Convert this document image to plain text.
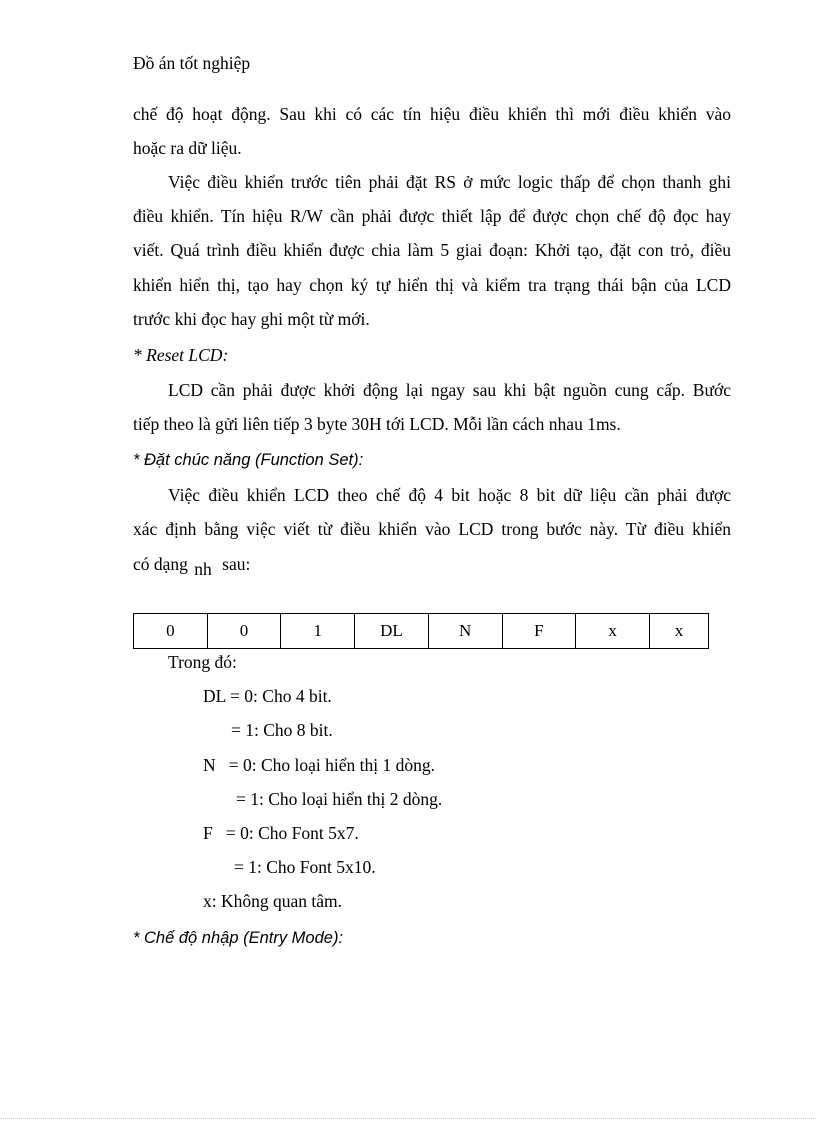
Đồ án tốt nghiệp
chế độ hoạt động. Sau khi có các tín hiệu điều khiển thì mới điều khiển vào
hoặc ra dữ liệu.
Việc điều khiển trước tiên phải đặt RS ở mức logic thấp để chọn thanh ghi
điều khiển. Tín hiệu R/W cần phải được thiết lập để được chọn chế độ đọc hay
viết. Quá trình điều khiển được chia làm 5 giai đoạn: Khởi tạo, đặt con trỏ, điều
khiển hiển thị, tạo hay chọn ký tự hiển thị và kiểm tra trạng thái bận của LCD
trước khi đọc hay ghi một từ mới.
* Reset LCD:
LCD cần phải được khởi động lại ngay sau khi bật nguồn cung cấp. Bước
tiếp theo là gửi liên tiếp 3 byte 30H tới LCD. Mỗi lần cách nhau 1ms.
* Đặt chúc năng (Function Set):
Việc điều khiển LCD theo chế độ 4 bit hoặc 8 bit dữ liệu cần phải được
xác định bằng việc viết từ điều khiển vào LCD trong bước này. Từ điều khiển
có dạng nh sau:
0	0	1	DL	N	F	x	x
Trong đó:
DL = 0: Cho 4 bit.
= 1: Cho 8 bit.
N   = 0: Cho loại hiển thị 1 dòng.
= 1: Cho loại hiển thị 2 dòng.
F   = 0: Cho Font 5x7.
= 1: Cho Font 5x10.
x: Không quan tâm.
* Chế độ nhập (Entry Mode):
